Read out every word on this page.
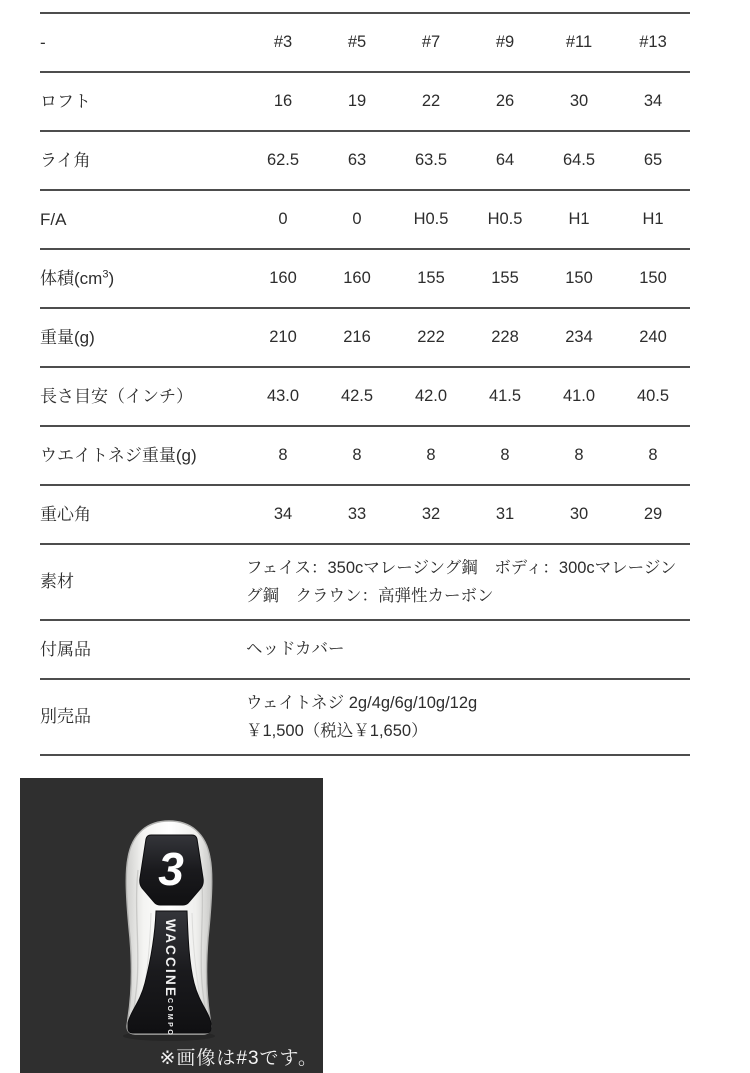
-	#3	#5	#7	#9	#11	#13
ロフト	16	19	22	26	30	34
ライ角	62.5	63	63.5	64	64.5	65
F/A	0	0	H0.5	H0.5	H1	H1
体積$(cm^3)$	160	160	155	155	150	150
重量(g)	210	216	222	228	234	240
長さ目安（インチ）	43.0	42.5	42.0	41.5	41.0	40.5
ウエイトネジ重量(g)	8	8	8	8	8	8
重心角	34	33	32	31	30	29
素材	フェイス：350cマレージング鋼　ボディ：300cマレージング鋼　クラウン：高弾性カーボン					
付属品	ヘッドカバー					
別売品	ウェイトネジ 2g/4g/6g/10g/12g
￥1,500（税込￥1,650）					
3
WACCINE
COMPO
※画像は#3です。
